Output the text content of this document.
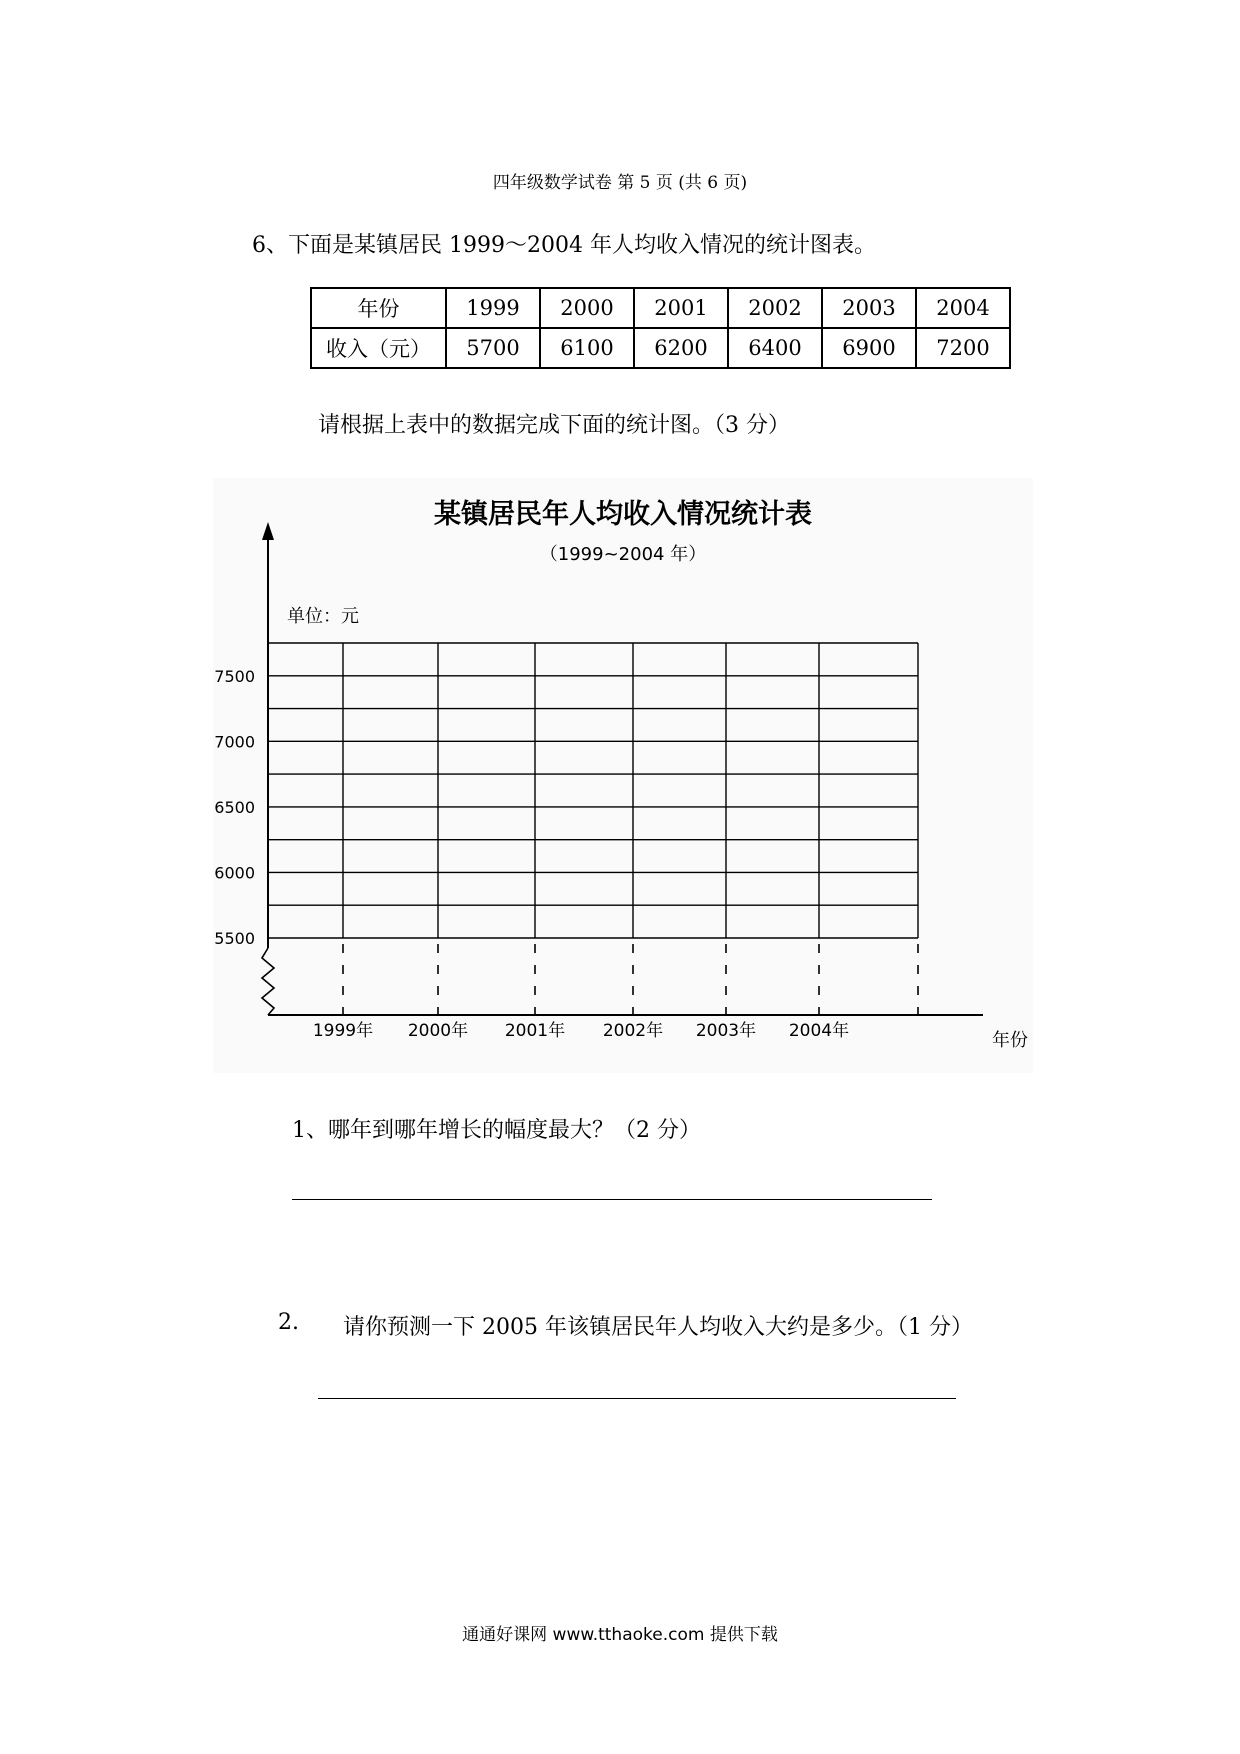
四年级数学试卷 第 5 页 (共 6 页)
6、下面是某镇居民 1999～2004 年人均收入情况的统计图表。
年份	1999	2000	2001	2002	2003	2004
收入（元）	5700	6100	6200	6400	6900	7200
请根据上表中的数据完成下面的统计图。（3 分）
7500
7000
6500
6000
5500
1999年 2000年 2001年 2002年 2003年 2004年	年份
某镇居民年人均收入情况统计表
（1999~2004 年）
单位：元
1、哪年到哪年增长的幅度最大？（2 分）
2. 请你预测一下 2005 年该镇居民年人均收入大约是多少。（1 分）
通通好课网 www.tthaoke.com 提供下载
